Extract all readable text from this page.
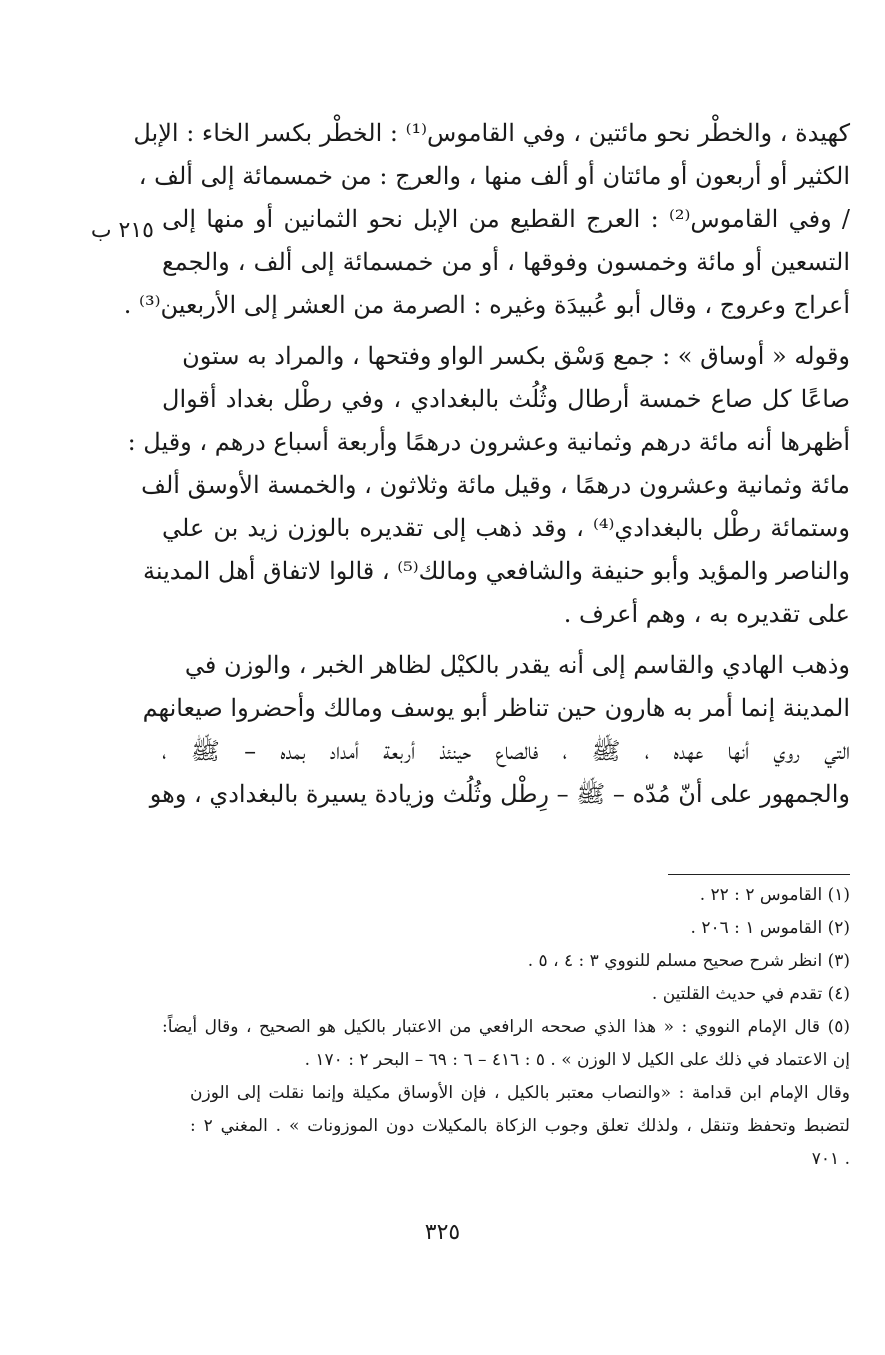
٢١٥ ب
كهيدة ، والخطْر نحو مائتين ، وفي القاموس⁽¹⁾ : الخطْر بكسر الخاء : الإبل
الكثير أو أربعون أو مائتان أو ألف منها ، والعرج : من خمسمائة إلى ألف ،
/ وفي القاموس⁽²⁾ : العرج القطيع من الإبل نحو الثمانين أو منها إلى
التسعين أو مائة وخمسون وفوقها ، أو من خمسمائة إلى ألف ، والجمع
أعراج وعروج ، وقال أبو عُبيدَة وغيره : الصرمة من العشر إلى الأربعين⁽³⁾ .
وقوله « أوساق » : جمع وَسْق بكسر الواو وفتحها ، والمراد به ستون
صاعًا كل صاع خمسة أرطال وثُلُث بالبغدادي ، وفي رطْل بغداد أقوال
أظهرها أنه مائة درهم وثمانية وعشرون درهمًا وأربعة أسباع درهم ، وقيل :
مائة وثمانية وعشرون درهمًا ، وقيل مائة وثلاثون ، والخمسة الأوسق ألف
وستمائة رطْل بالبغدادي⁽⁴⁾ ، وقد ذهب إلى تقديره بالوزن زيد بن علي
والناصر والمؤيد وأبو حنيفة والشافعي ومالك⁽⁵⁾ ، قالوا لاتفاق أهل المدينة
على تقديره به ، وهم أعرف .
وذهب الهادي والقاسم إلى أنه يقدر بالكيْل لظاهر الخبر ، والوزن في
المدينة إنما أمر به هارون حين تناظر أبو يوسف ومالك وأحضروا صيعانهم
التي روي أنها عهده ، ﷺ ، فالصاع حينئذ أربعة أمداد بمده – ﷺ ،
والجمهور على أنّ مُدّه – ﷺ – رِطْل وثُلُث وزيادة يسيرة بالبغدادي ، وهو
(١) القاموس ٢ : ٢٢ .
(٢) القاموس ١ : ٢٠٦ .
(٣) انظر شرح صحيح مسلم للنووي ٣ : ٤ ، ٥ .
(٤) تقدم في حديث القلتين .
(٥) قال الإمام النووي : « هذا الذي صححه الرافعي من الاعتبار بالكيل هو الصحيح ، وقال أيضاً:
إن الاعتماد في ذلك على الكيل لا الوزن » . ٥ : ٤١٦ – ٦ : ٦٩ – البحر ٢ : ١٧٠ .
وقال الإمام ابن قدامة : «والنصاب معتبر بالكيل ، فإن الأوساق مكيلة وإنما نقلت إلى الوزن
لتضبط وتحفظ وتنقل ، ولذلك تعلق وجوب الزكاة بالمكيلات دون الموزونات » . المغني ٢ :
. ٧٠١
٣٢٥
